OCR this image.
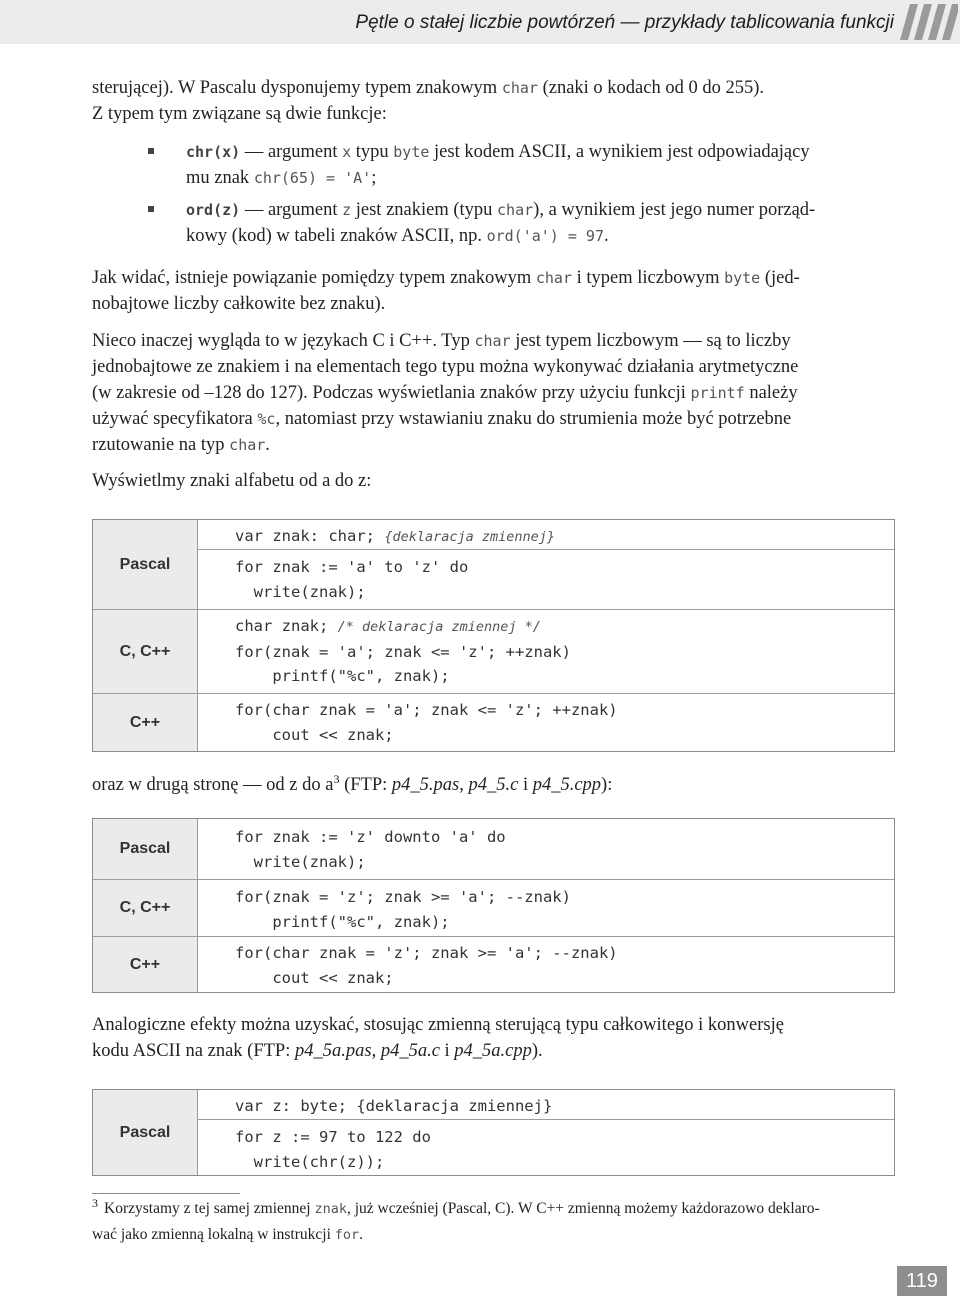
Pętle o stałej liczbie powtórzeń — przykłady tablicowania funkcji

sterującej). W Pascalu dysponujemy typem znakowym char (znaki o kodach od 0 do 255).
Z typem tym związane są dwie funkcje:

chr(x) — argument x typu byte jest kodem ASCII, a wynikiem jest odpowiadający
mu znak chr(65) = 'A';

ord(z) — argument z jest znakiem (typu char), a wynikiem jest jego numer porząd-
kowy (kod) w tabeli znaków ASCII, np. ord('a') = 97.

Jak widać, istnieje powiązanie pomiędzy typem znakowym char i typem liczbowym byte (jed-
nobajtowe liczby całkowite bez znaku).

Nieco inaczej wygląda to w językach C i C++. Typ char jest typem liczbowym — są to liczby
jednobajtowe ze znakiem i na elementach tego typu można wykonywać działania arytmetyczne
(w zakresie od –128 do 127). Podczas wyświetlania znaków przy użyciu funkcji printf należy
używać specyfikatora %c, natomiast przy wstawianiu znaku do strumienia może być potrzebne
rzutowanie na typ char.

Wyświetlmy znaki alfabetu od a do z:

Pascal
var znak: char; {deklaracja zmiennej}
for znak := 'a' to 'z' do
write(znak);
C, C++
char znak; /* deklaracja zmiennej */
for(znak = 'a'; znak <= 'z'; ++znak)
printf("%c", znak);
C++
for(char znak = 'a'; znak <= 'z'; ++znak)
cout << znak;

oraz w drugą stronę — od z do $a^3$ (FTP: p4_5.pas, p4_5.c i p4_5.cpp):

Pascal
for znak := 'z' downto 'a' do
write(znak);
C, C++
for(znak = 'z'; znak >= 'a'; --znak)
printf("%c", znak);
C++
for(char znak = 'z'; znak >= 'a'; --znak)
cout << znak;

Analogiczne efekty można uzyskać, stosując zmienną sterującą typu całkowitego i konwersję
kodu ASCII na znak (FTP: p4_5a.pas, p4_5a.c i p4_5a.cpp).

Pascal
var z: byte; {deklaracja zmiennej}
for z := 97 to 122 do
write(chr(z));

$^3$ Korzystamy z tej samej zmiennej znak, już wcześniej (Pascal, C). W C++ zmienną możemy każdorazowo deklaro-
wać jako zmienną lokalną w instrukcji for.

119
